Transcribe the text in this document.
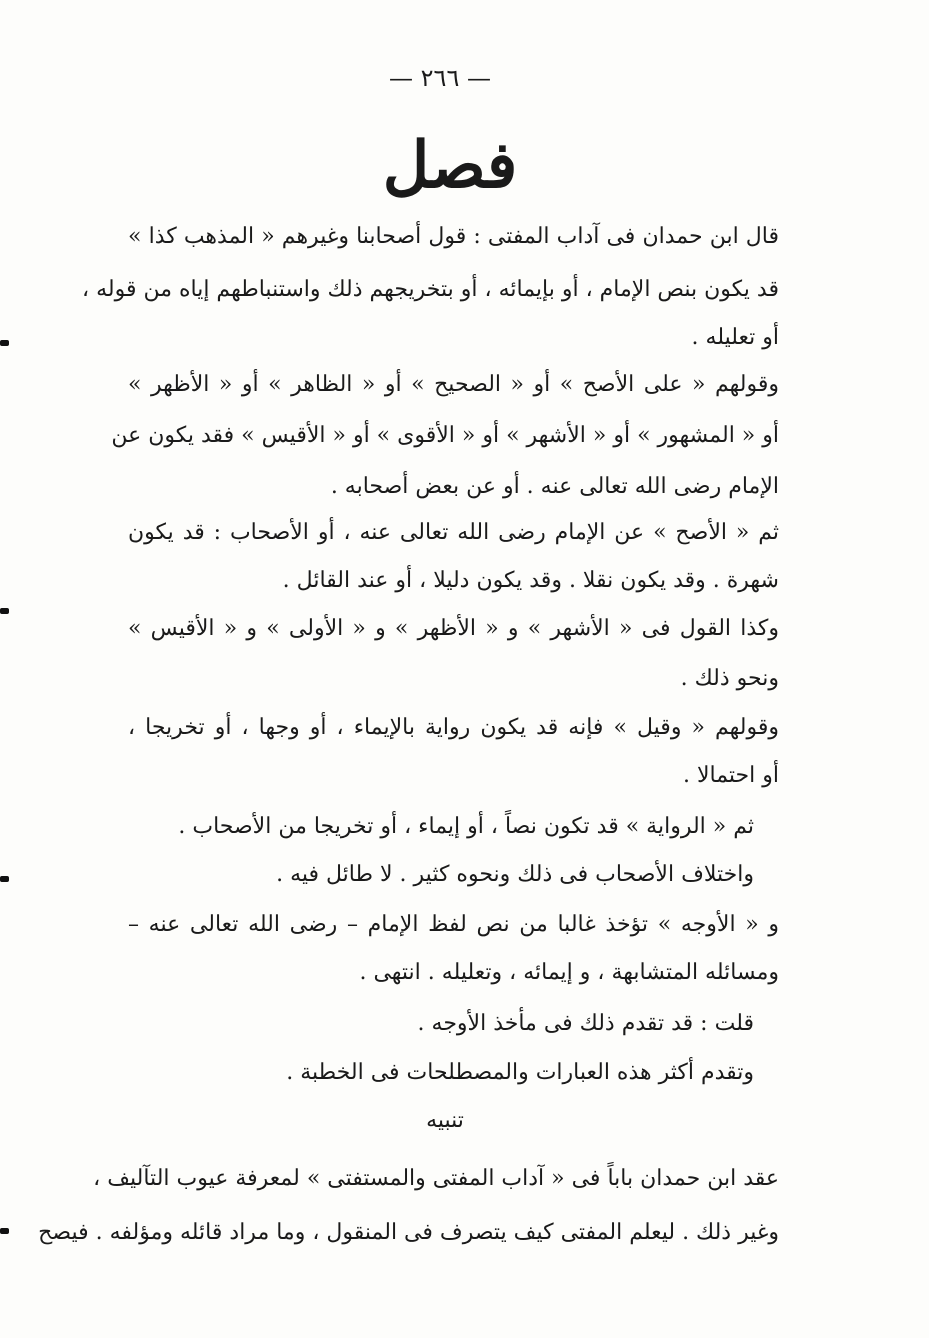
— ٢٦٦ —
فصل
قال ابن حمدان فى آداب المفتى : قول أصحابنا وغيرهم « المذهب كذا »
قد يكون بنص الإمام ، أو بإيمائه ، أو بتخريجهم ذلك واستنباطهم إياه من قوله ،
أو تعليله .
وقولهم « على الأصح » أو « الصحيح » أو « الظاهر » أو « الأظهر »
أو « المشهور » أو « الأشهر » أو « الأقوى » أو « الأقيس » فقد يكون عن
الإمام رضى الله تعالى عنه . أو عن بعض أصحابه .
ثم « الأصح » عن الإمام رضى الله تعالى عنه ، أو الأصحاب : قد يكون
شهرة . وقد يكون نقلا . وقد يكون دليلا ، أو عند القائل .
وكذا القول فى « الأشهر » و « الأظهر » و « الأولى » و « الأقيس »
ونحو ذلك .
وقولهم « وقيل » فإنه قد يكون رواية بالإيماء ، أو وجها ، أو تخريجا ،
أو احتمالا .
ثم « الرواية » قد تكون نصاً ، أو إيماء ، أو تخريجا من الأصحاب .
واختلاف الأصحاب فى ذلك ونحوه كثير . لا طائل فيه .
و « الأوجه » تؤخذ غالبا من نص لفظ الإمام – رضى الله تعالى عنه –
ومسائله المتشابهة ، و إيمائه ، وتعليله . انتهى .
قلت : قد تقدم ذلك فى مأخذ الأوجه .
وتقدم أكثر هذه العبارات والمصطلحات فى الخطبة .
تنبيه
عقد ابن حمدان باباً فى « آداب المفتى والمستفتى » لمعرفة عيوب التآليف ،
وغير ذلك . ليعلم المفتى كيف يتصرف فى المنقول ، وما مراد قائله ومؤلفه . فيصح
